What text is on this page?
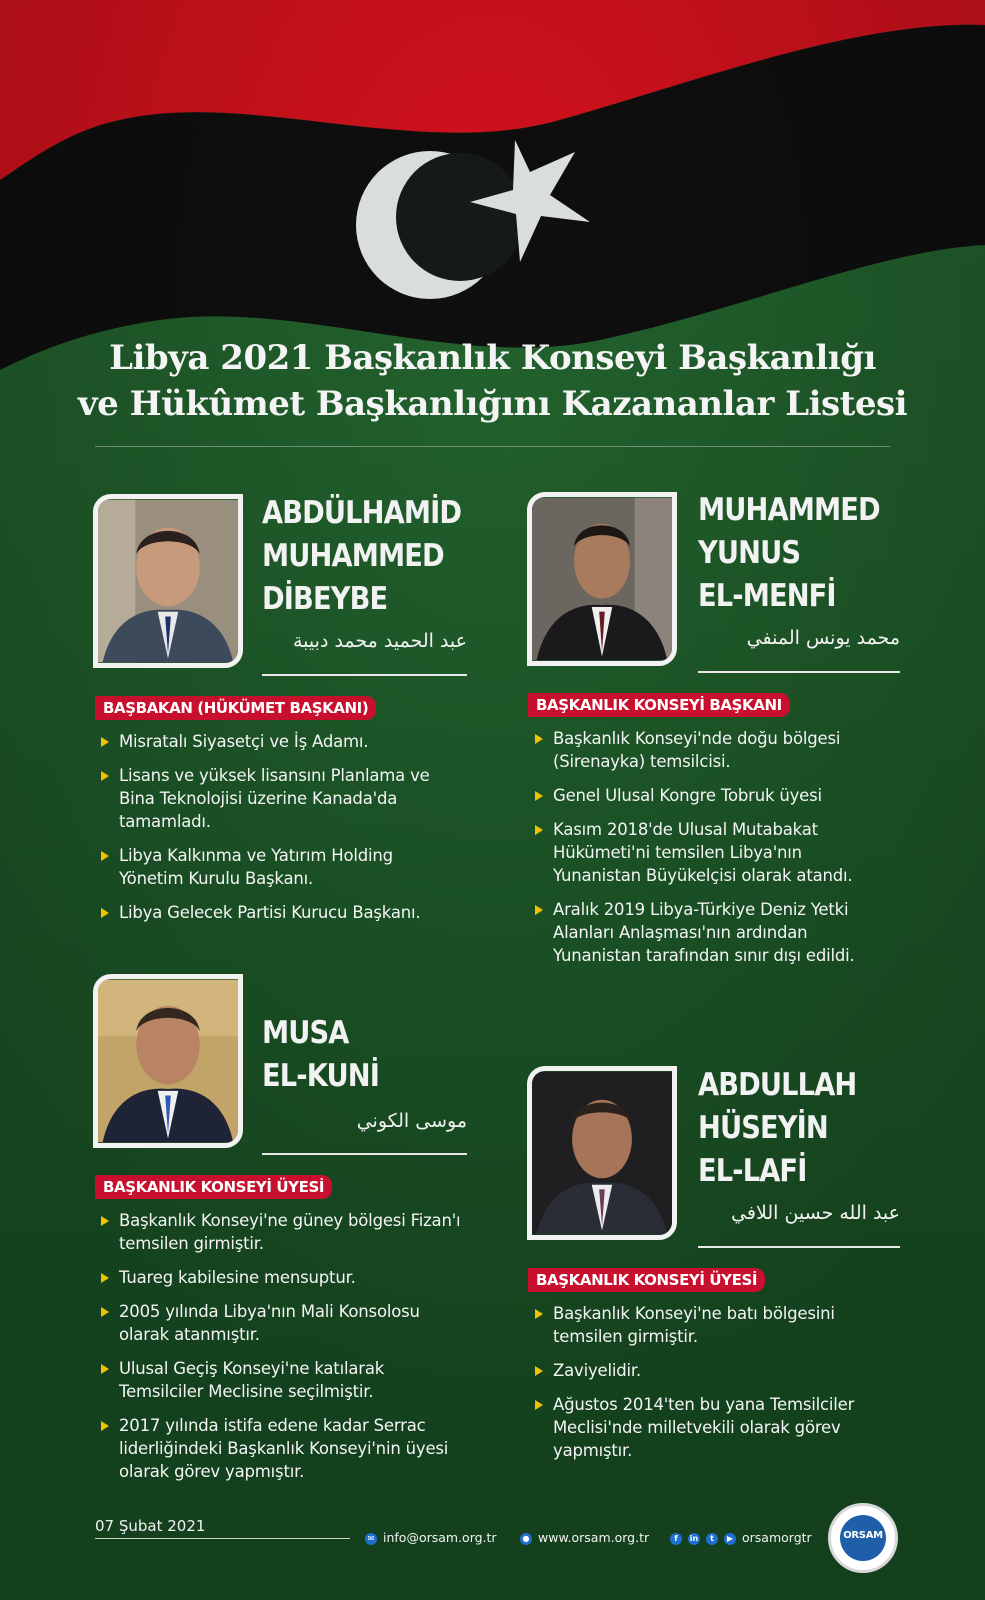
Libya 2021 Başkanlık Konseyi Başkanlığı
ve Hükûmet Başkanlığını Kazananlar Listesi
ABDÜLHAMİD
MUHAMMED
DİBEYBE
عبد الحميد محمد دبيبة
BAŞBAKAN (HÜKÜMET BAŞKANI)
Misratalı Siyasetçi ve İş Adamı.
Lisans ve yüksek lisansını Planlama ve Bina Teknolojisi üzerine Kanada'da tamamladı.
Libya Kalkınma ve Yatırım Holding Yönetim Kurulu Başkanı.
Libya Gelecek Partisi Kurucu Başkanı.
MUHAMMED
YUNUS
EL-MENFİ
محمد يونس المنفي
BAŞKANLIK KONSEYİ BAŞKANI
Başkanlık Konseyi'nde doğu bölgesi (Sirenayka) temsilcisi.
Genel Ulusal Kongre Tobruk üyesi
Kasım 2018'de Ulusal Mutabakat Hükümeti'ni temsilen Libya'nın Yunanistan Büyükelçisi olarak atandı.
Aralık 2019 Libya-Türkiye Deniz Yetki Alanları Anlaşması'nın ardından Yunanistan tarafından sınır dışı edildi.
MUSA
EL-KUNİ
موسى الكوني
BAŞKANLIK KONSEYİ ÜYESİ
Başkanlık Konseyi'ne güney bölgesi Fizan'ı temsilen girmiştir.
Tuareg kabilesine mensuptur.
2005 yılında Libya'nın Mali Konsolosu olarak atanmıştır.
Ulusal Geçiş Konseyi'ne katılarak Temsilciler Meclisine seçilmiştir.
2017 yılında istifa edene kadar Serrac liderliğindeki Başkanlık Konseyi'nin üyesi olarak görev yapmıştır.
ABDULLAH
HÜSEYİN
EL-LAFİ
عبد الله حسين اللافي
BAŞKANLIK KONSEYİ ÜYESİ
Başkanlık Konseyi'ne batı bölgesini temsilen girmiştir.
Zaviyelidir.
Ağustos 2014'ten bu yana Temsilciler Meclisi'nde milletvekili olarak görev yapmıştır.
07 Şubat 2021
✉ info@orsam.org.tr	● www.orsam.org.tr	f in t ▶ orsamorgtr	ORSAM
